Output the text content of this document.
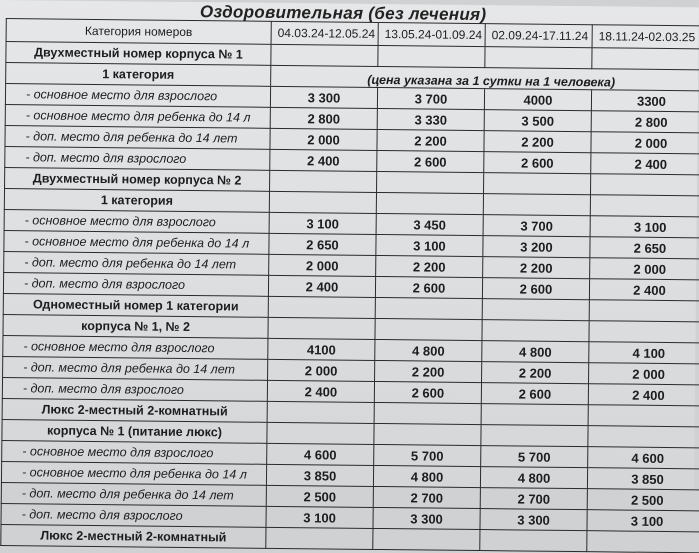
Оздоровительная (без лечения)
Категория номеров	04.03.24-12.05.24	13.05.24-01.09.24	02.09.24-17.11.24	18.11.24-02.03.25
Двухместный номер корпуса № 1				
1 категория	(цена указана за 1 сутки на 1 человека)			
- основное место для взрослого	3 300	3 700	4000	3300
- основное место для ребенка до 14 л	2 800	3 330	3 500	2 800
- доп. место для ребенка до 14 лет	2 000	2 200	2 200	2 000
- доп. место для взрослого	2 400	2 600	2 600	2 400
Двухместный номер корпуса № 2				
1 категория				
- основное место для взрослого	3 100	3 450	3 700	3 100
- основное место для ребенка до 14 л	2 650	3 100	3 200	2 650
- доп. место для ребенка до 14 лет	2 000	2 200	2 200	2 000
- доп. место для взрослого	2 400	2 600	2 600	2 400
Одноместный номер 1 категории				
корпуса № 1, № 2				
- основное место для взрослого	4100	4 800	4 800	4 100
- доп. место для ребенка до 14 лет	2 000	2 200	2 200	2 000
- доп. место для взрослого	2 400	2 600	2 600	2 400
Люкс 2-местный 2-комнатный				
корпуса № 1 (питание люкс)				
- основное место для взрослого	4 600	5 700	5 700	4 600
- основное место для ребенка до 14 л	3 850	4 800	4 800	3 850
- доп. место для ребенка до 14 лет	2 500	2 700	2 700	2 500
- доп. место для взрослого	3 100	3 300	3 300	3 100
Люкс 2-местный 2-комнатный				
